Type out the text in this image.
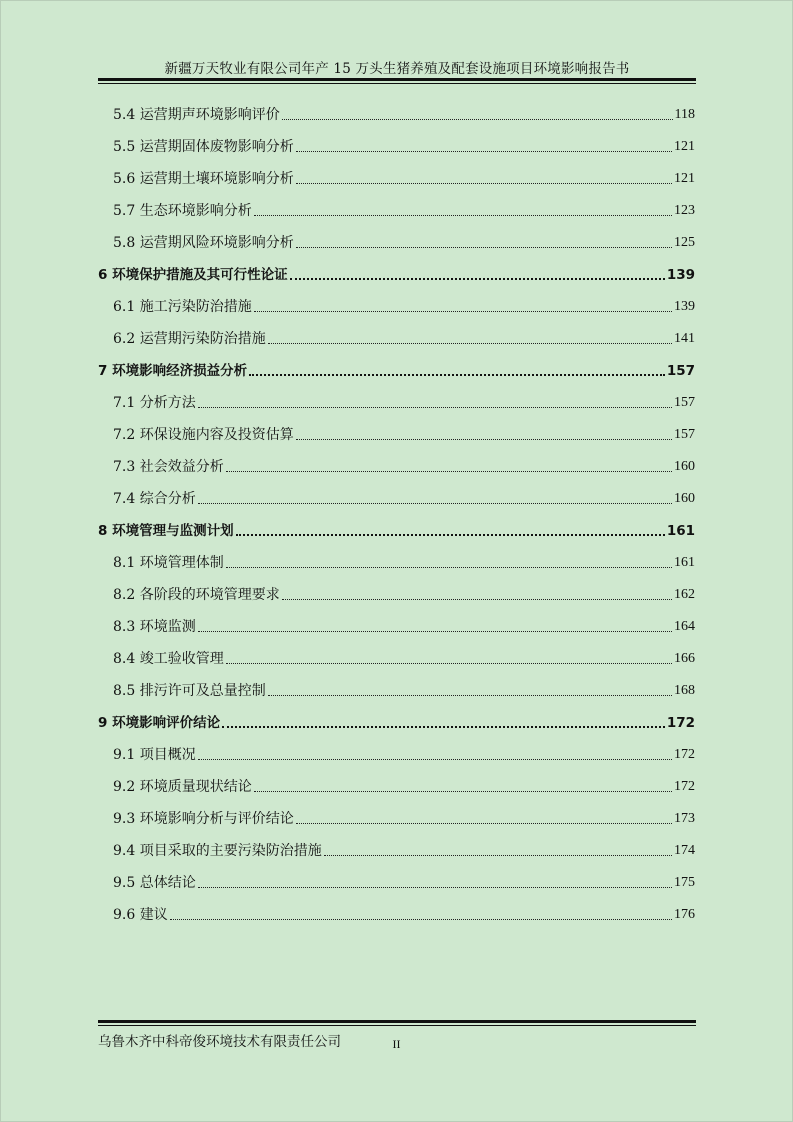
新疆万天牧业有限公司年产 15 万头生猪养殖及配套设施项目环境影响报告书
5.4 运营期声环境影响评价	118
5.5 运营期固体废物影响分析	121
5.6 运营期土壤环境影响分析	121
5.7 生态环境影响分析	123
5.8 运营期风险环境影响分析	125
6 环境保护措施及其可行性论证	139
6.1 施工污染防治措施	139
6.2 运营期污染防治措施	141
7 环境影响经济损益分析	157
7.1 分析方法	157
7.2 环保设施内容及投资估算	157
7.3 社会效益分析	160
7.4 综合分析	160
8 环境管理与监测计划	161
8.1 环境管理体制	161
8.2 各阶段的环境管理要求	162
8.3 环境监测	164
8.4 竣工验收管理	166
8.5 排污许可及总量控制	168
9 环境影响评价结论	172
9.1 项目概况	172
9.2 环境质量现状结论	172
9.3 环境影响分析与评价结论	173
9.4 项目采取的主要污染防治措施	174
9.5 总体结论	175
9.6 建议	176
乌鲁木齐中科帝俊环境技术有限责任公司	II
